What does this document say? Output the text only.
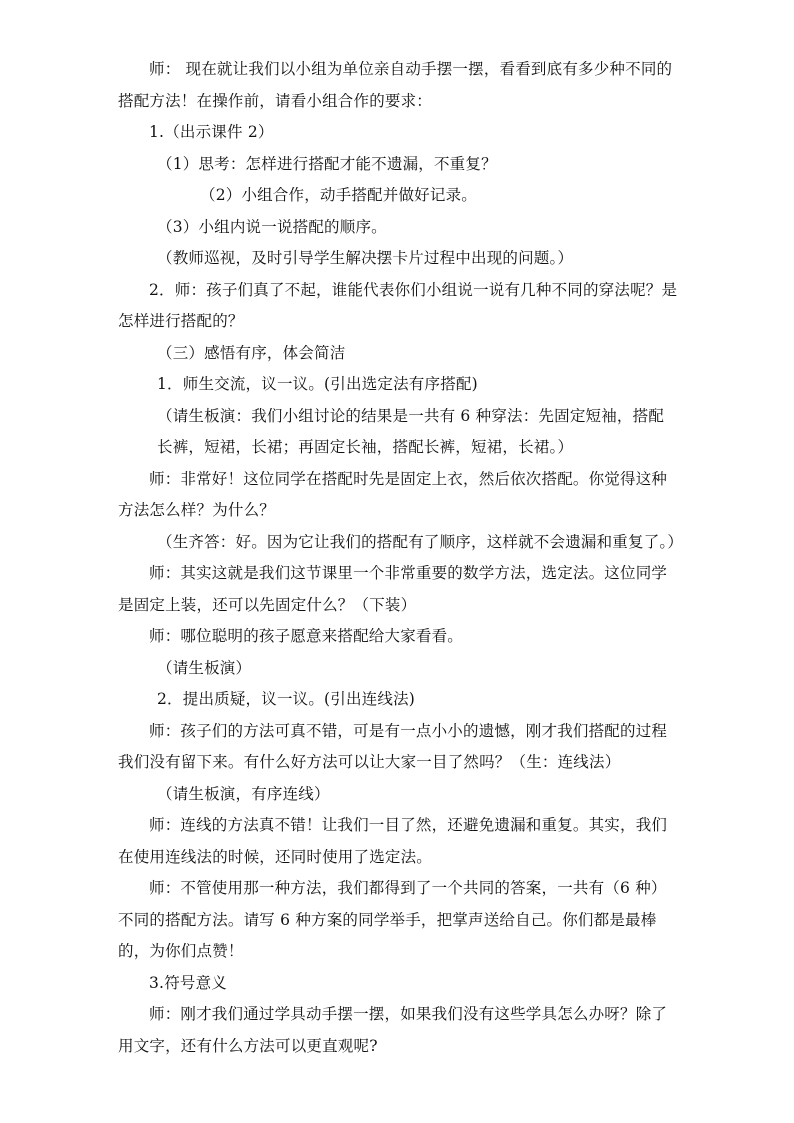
师： 现在就让我们以小组为单位亲自动手摆一摆，看看到底有多少种不同的搭配方法！在操作前，请看小组合作的要求：

1.（出示课件 2）

（1）思考：怎样进行搭配才能不遗漏，不重复？

（2）小组合作，动手搭配并做好记录。

（3）小组内说一说搭配的顺序。

（教师巡视，及时引导学生解决摆卡片过程中出现的问题。）

2．师：孩子们真了不起，谁能代表你们小组说一说有几种不同的穿法呢？是怎样进行搭配的？

（三）感悟有序，体会简洁

1．师生交流，议一议。(引出选定法有序搭配)

（请生板演：我们小组讨论的结果是一共有 6 种穿法：先固定短袖，搭配长裤，短裙，长裙；再固定长袖，搭配长裤，短裙，长裙。）

师：非常好！这位同学在搭配时先是固定上衣，然后依次搭配。你觉得这种方法怎么样？为什么？

（生齐答：好。因为它让我们的搭配有了顺序，这样就不会遗漏和重复了。）

师：其实这就是我们这节课里一个非常重要的数学方法，选定法。这位同学是固定上装，还可以先固定什么？（下装）

师：哪位聪明的孩子愿意来搭配给大家看看。

（请生板演）

2．提出质疑，议一议。(引出连线法)

师：孩子们的方法可真不错，可是有一点小小的遗憾，刚才我们搭配的过程我们没有留下来。有什么好方法可以让大家一目了然吗？（生：连线法）

（请生板演，有序连线）

师：连线的方法真不错！让我们一目了然，还避免遗漏和重复。其实，我们在使用连线法的时候，还同时使用了选定法。

师：不管使用那一种方法，我们都得到了一个共同的答案，一共有（6 种）不同的搭配方法。请写 6 种方案的同学举手，把掌声送给自己。你们都是最棒的，为你们点赞！

3.符号意义

师：刚才我们通过学具动手摆一摆，如果我们没有这些学具怎么办呀？除了用文字，还有什么方法可以更直观呢?
